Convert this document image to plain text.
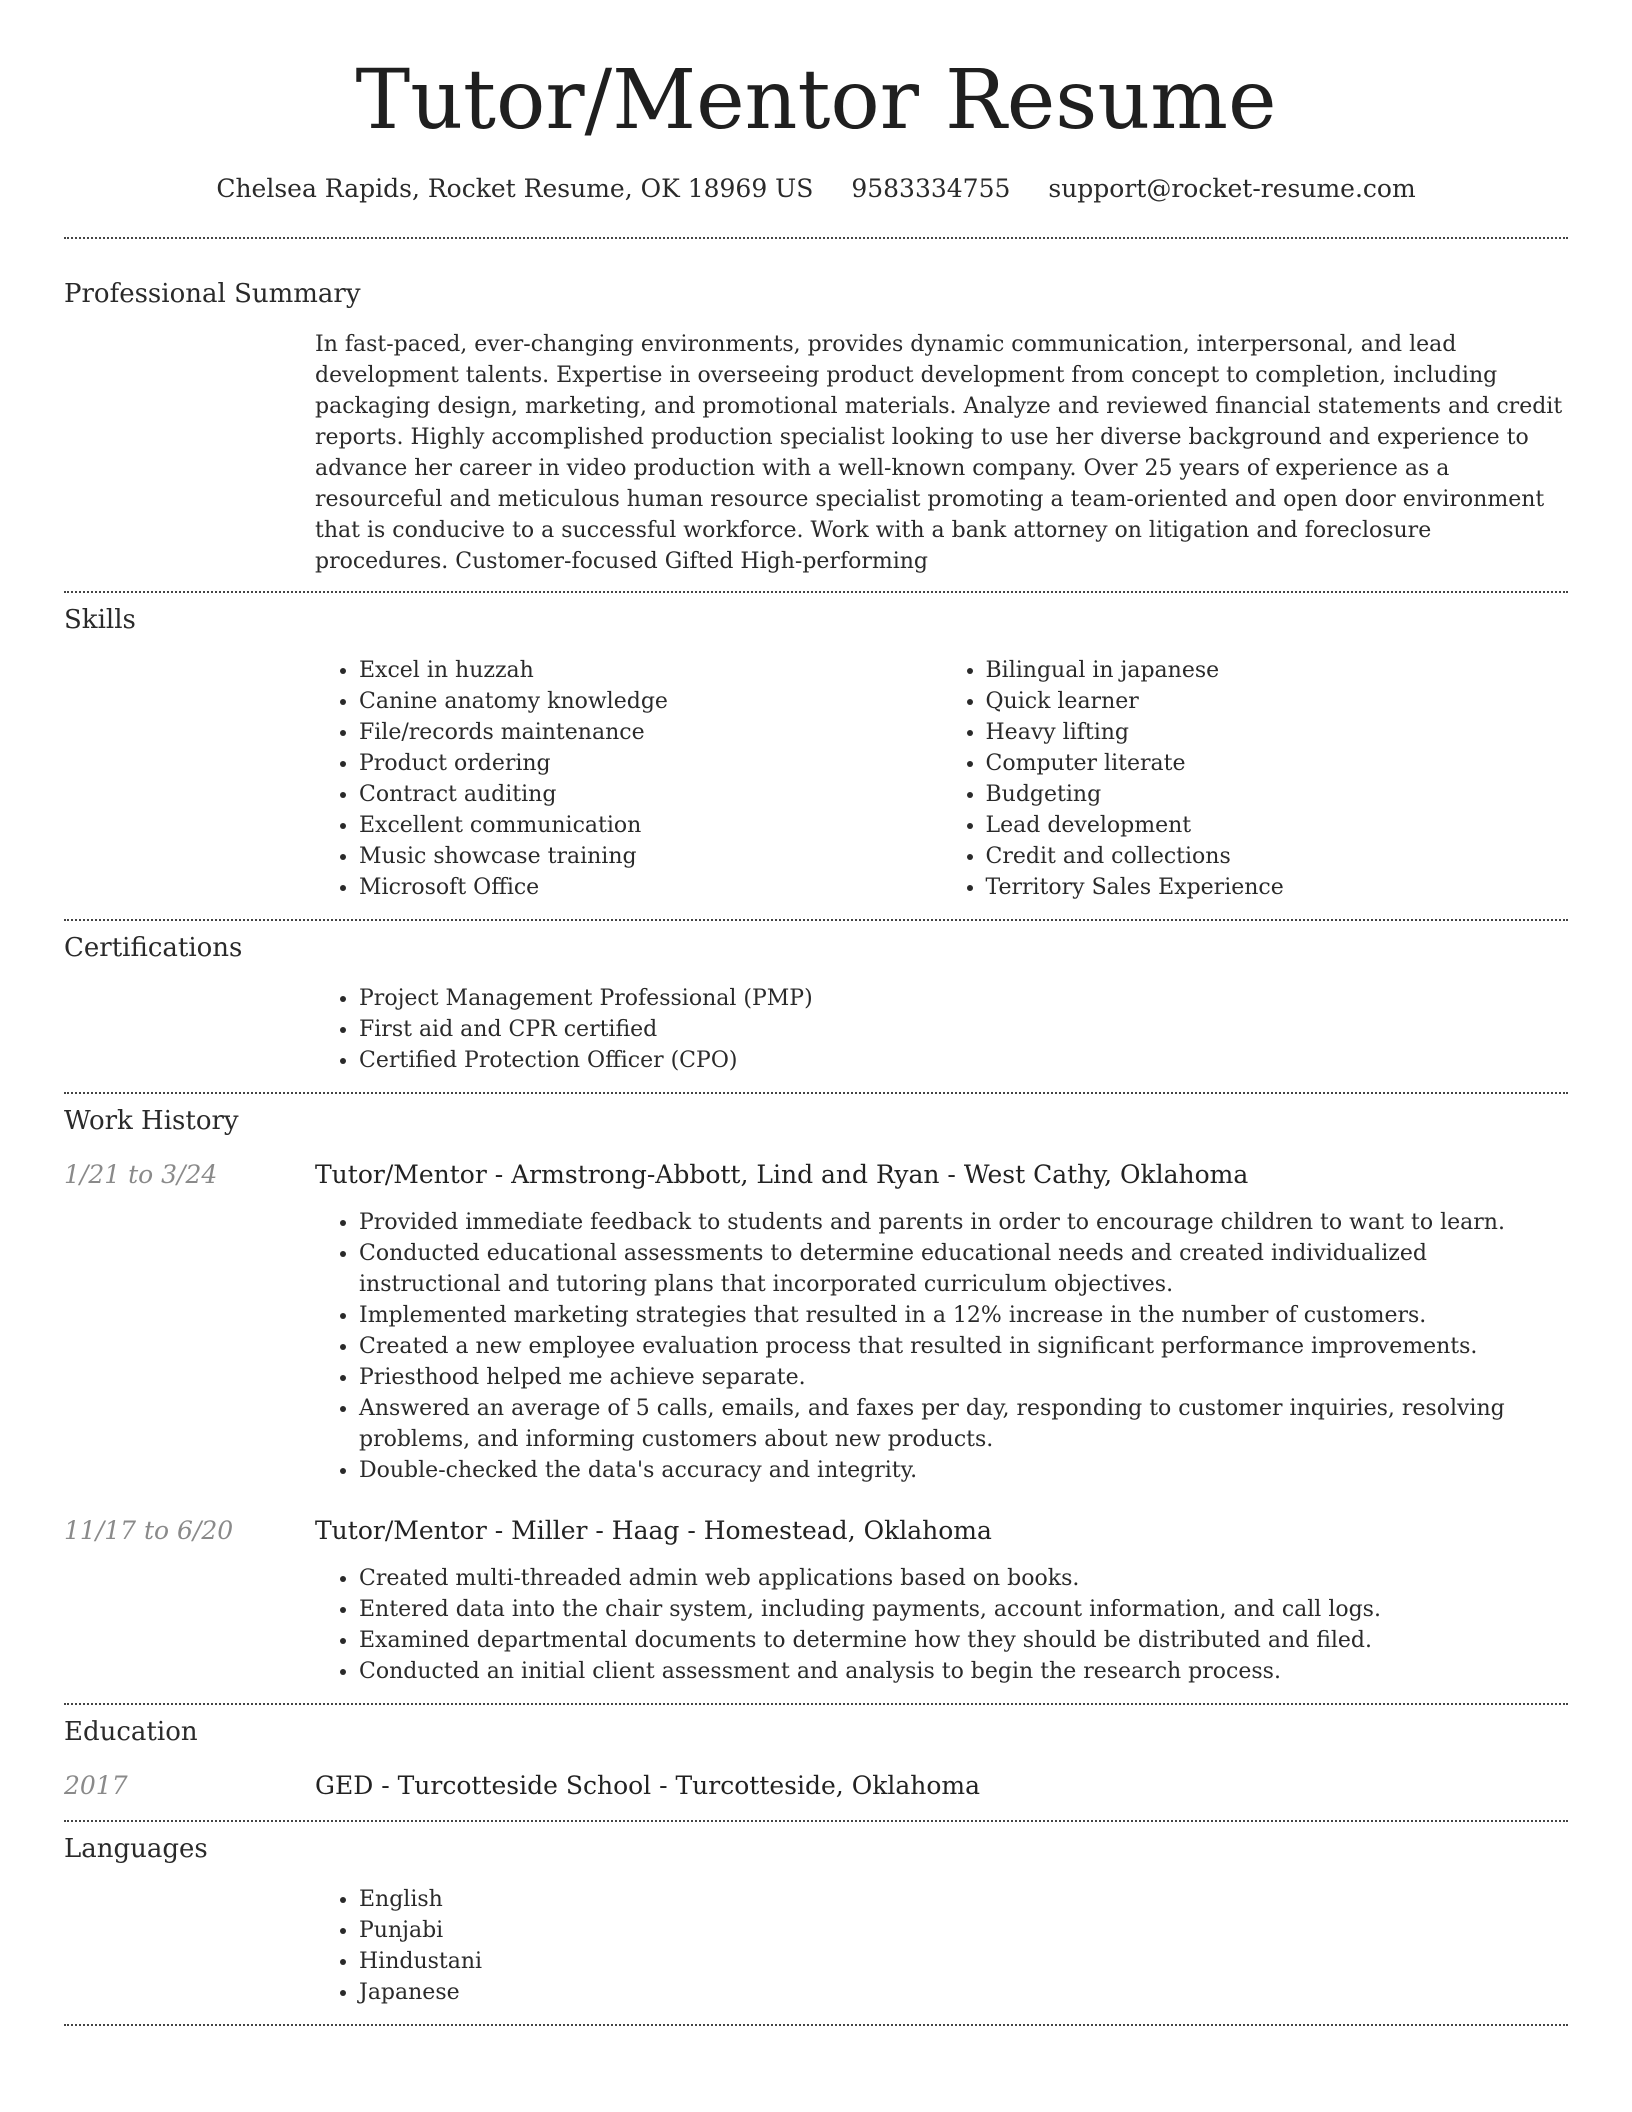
Tutor/Mentor Resume
Chelsea Rapids, Rocket Resume, OK 18969 US 9583334755 support@rocket-resume.com
Professional Summary

In fast-paced, ever-changing environments, provides dynamic communication, interpersonal, and lead development talents. Expertise in overseeing product development from concept to completion, including packaging design, marketing, and promotional materials. Analyze and reviewed financial statements and credit reports. Highly accomplished production specialist looking to use her diverse background and experience to advance her career in video production with a well-known company. Over 25 years of experience as a resourceful and meticulous human resource specialist promoting a team-oriented and open door environment that is conducive to a successful workforce. Work with a bank attorney on litigation and foreclosure procedures. Customer-focused Gifted High-performing

Skills
• Excel in huzzah
• Canine anatomy knowledge
• File/records maintenance
• Product ordering
• Contract auditing
• Excellent communication
• Music showcase training
• Microsoft Office
• Bilingual in japanese
• Quick learner
• Heavy lifting
• Computer literate
• Budgeting
• Lead development
• Credit and collections
• Territory Sales Experience
Certifications
• Project Management Professional (PMP)
• First aid and CPR certified
• Certified Protection Officer (CPO)
Work History
1/21 to 3/24	Tutor/Mentor - Armstrong-Abbott, Lind and Ryan - West Cathy, Oklahoma
• Provided immediate feedback to students and parents in order to encourage children to want to learn.
• Conducted educational assessments to determine educational needs and created individualized instructional and tutoring plans that incorporated curriculum objectives.
• Implemented marketing strategies that resulted in a 12% increase in the number of customers.
• Created a new employee evaluation process that resulted in significant performance improvements.
• Priesthood helped me achieve separate.
• Answered an average of 5 calls, emails, and faxes per day, responding to customer inquiries, resolving problems, and informing customers about new products.
• Double-checked the data's accuracy and integrity.
11/17 to 6/20	Tutor/Mentor - Miller - Haag - Homestead, Oklahoma
• Created multi-threaded admin web applications based on books.
• Entered data into the chair system, including payments, account information, and call logs.
• Examined departmental documents to determine how they should be distributed and filed.
• Conducted an initial client assessment and analysis to begin the research process.
Education
2017	GED - Turcotteside School - Turcotteside, Oklahoma
Languages
• English
• Punjabi
• Hindustani
• Japanese
